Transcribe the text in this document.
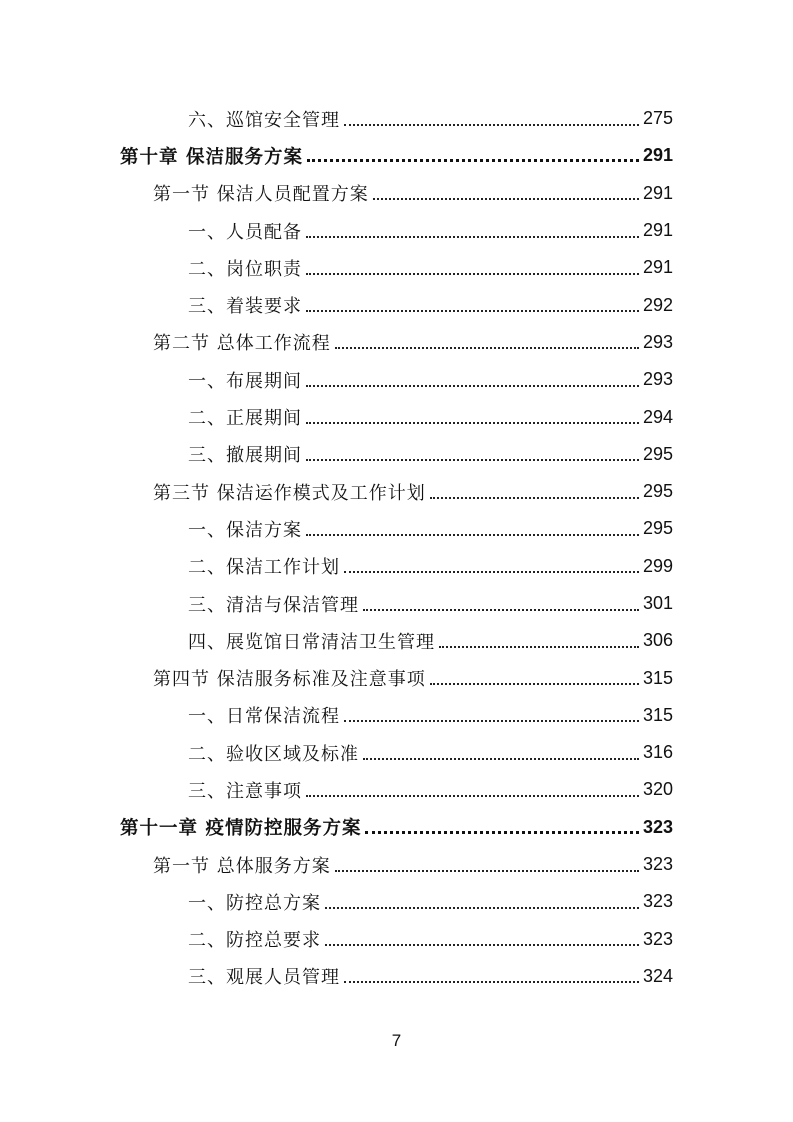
六、巡馆安全管理	275
第十章 保洁服务方案	291
第一节 保洁人员配置方案	291
一、人员配备	291
二、岗位职责	291
三、着装要求	292
第二节 总体工作流程	293
一、布展期间	293
二、正展期间	294
三、撤展期间	295
第三节 保洁运作模式及工作计划	295
一、保洁方案	295
二、保洁工作计划	299
三、清洁与保洁管理	301
四、展览馆日常清洁卫生管理	306
第四节 保洁服务标准及注意事项	315
一、日常保洁流程	315
二、验收区域及标准	316
三、注意事项	320
第十一章 疫情防控服务方案	323
第一节 总体服务方案	323
一、防控总方案	323
二、防控总要求	323
三、观展人员管理	324
7
